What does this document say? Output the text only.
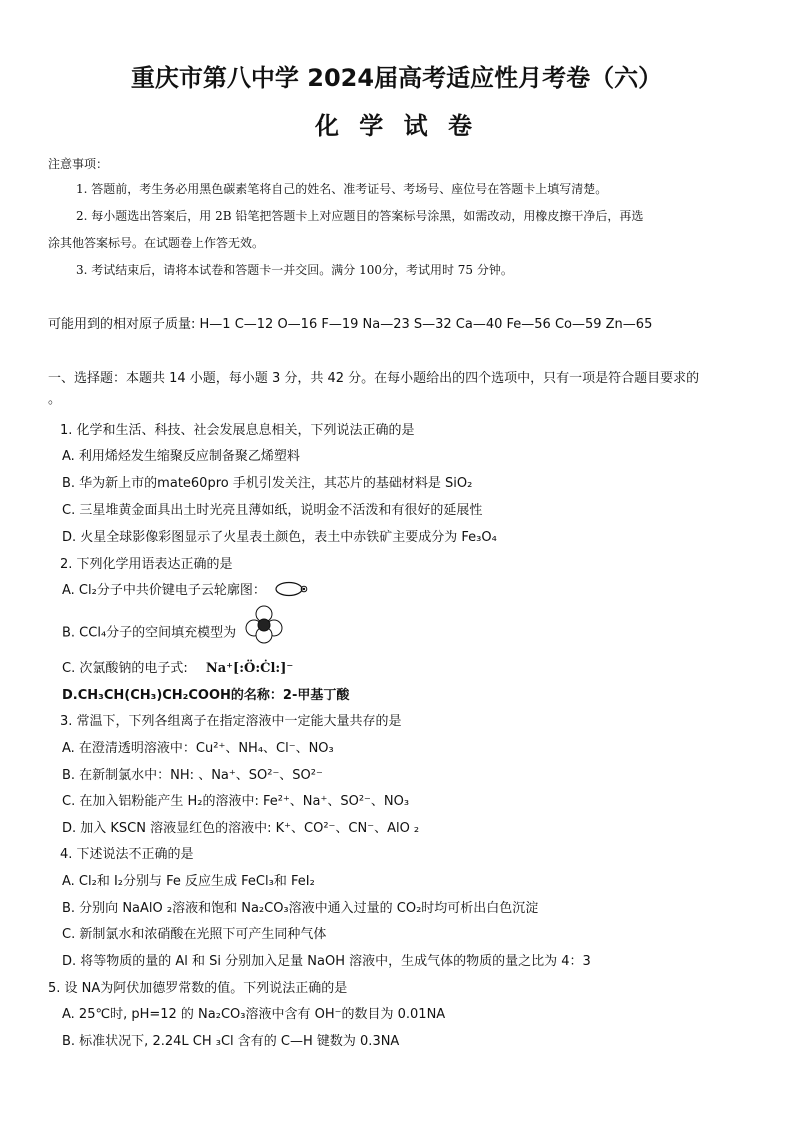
重庆市第八中学 2024届高考适应性月考卷（六）
化 学 试 卷
注意事项：
1. 答题前，考生务必用黑色碳素笔将自己的姓名、准考证号、考场号、座位号在答题卡上填写清楚。
2. 每小题选出答案后，用 2B 铅笔把答题卡上对应题目的答案标号涂黑，如需改动，用橡皮擦干净后，再选
涂其他答案标号。在试题卷上作答无效。
3. 考试结束后，请将本试卷和答题卡一并交回。满分 100分，考试用时 75 分钟。
可能用到的相对原子质量: H—1 C—12 O—16 F—19 Na—23 S—32 Ca—40 Fe—56 Co—59 Zn—65
一、选择题：本题共 14 小题，每小题 3 分，共 42 分。在每小题给出的四个选项中，只有一项是符合题目要求的
。
1. 化学和生活、科技、社会发展息息相关，下列说法正确的是
A. 利用烯烃发生缩聚反应制备聚乙烯塑料
B. 华为新上市的mate60pro 手机引发关注，其芯片的基础材料是 SiO₂
C. 三星堆黄金面具出土时光亮且薄如纸，说明金不活泼和有很好的延展性
D. 火星全球影像彩图显示了火星表土颜色，表土中赤铁矿主要成分为 Fe₃O₄
2. 下列化学用语表达正确的是
A. Cl₂分子中共价键电子云轮廓图：
B. CCl₄分子的空间填充模型为
C. 次氯酸钠的电子式: Na⁺[:Ö:Ċl:]⁻
D.CH₃CH(CH₃)CH₂COOH的名称：2-甲基丁酸
3. 常温下，下列各组离子在指定溶液中一定能大量共存的是
A. 在澄清透明溶液中：Cu²⁺、NH₄、Cl⁻、NO₃
B. 在新制氯水中：NH: 、Na⁺、SO²⁻、SO²⁻
C. 在加入铝粉能产生 H₂的溶液中: Fe²⁺、Na⁺、SO²⁻、NO₃
D. 加入 KSCN 溶液显红色的溶液中: K⁺、CO²⁻、CN⁻、AlO ₂
4. 下述说法不正确的是
A. Cl₂和 I₂分别与 Fe 反应生成 FeCl₃和 FeI₂
B. 分别向 NaAlO ₂溶液和饱和 Na₂CO₃溶液中通入过量的 CO₂时均可析出白色沉淀
C. 新制氯水和浓硝酸在光照下可产生同种气体
D. 将等物质的量的 Al 和 Si 分别加入足量 NaOH 溶液中，生成气体的物质的量之比为 4：3
5. 设 NA为阿伏加德罗常数的值。下列说法正确的是
A. 25℃时, pH=12 的 Na₂CO₃溶液中含有 OH⁻的数目为 0.01NA
B. 标准状况下, 2.24L CH ₃Cl 含有的 C—H 键数为 0.3NA
